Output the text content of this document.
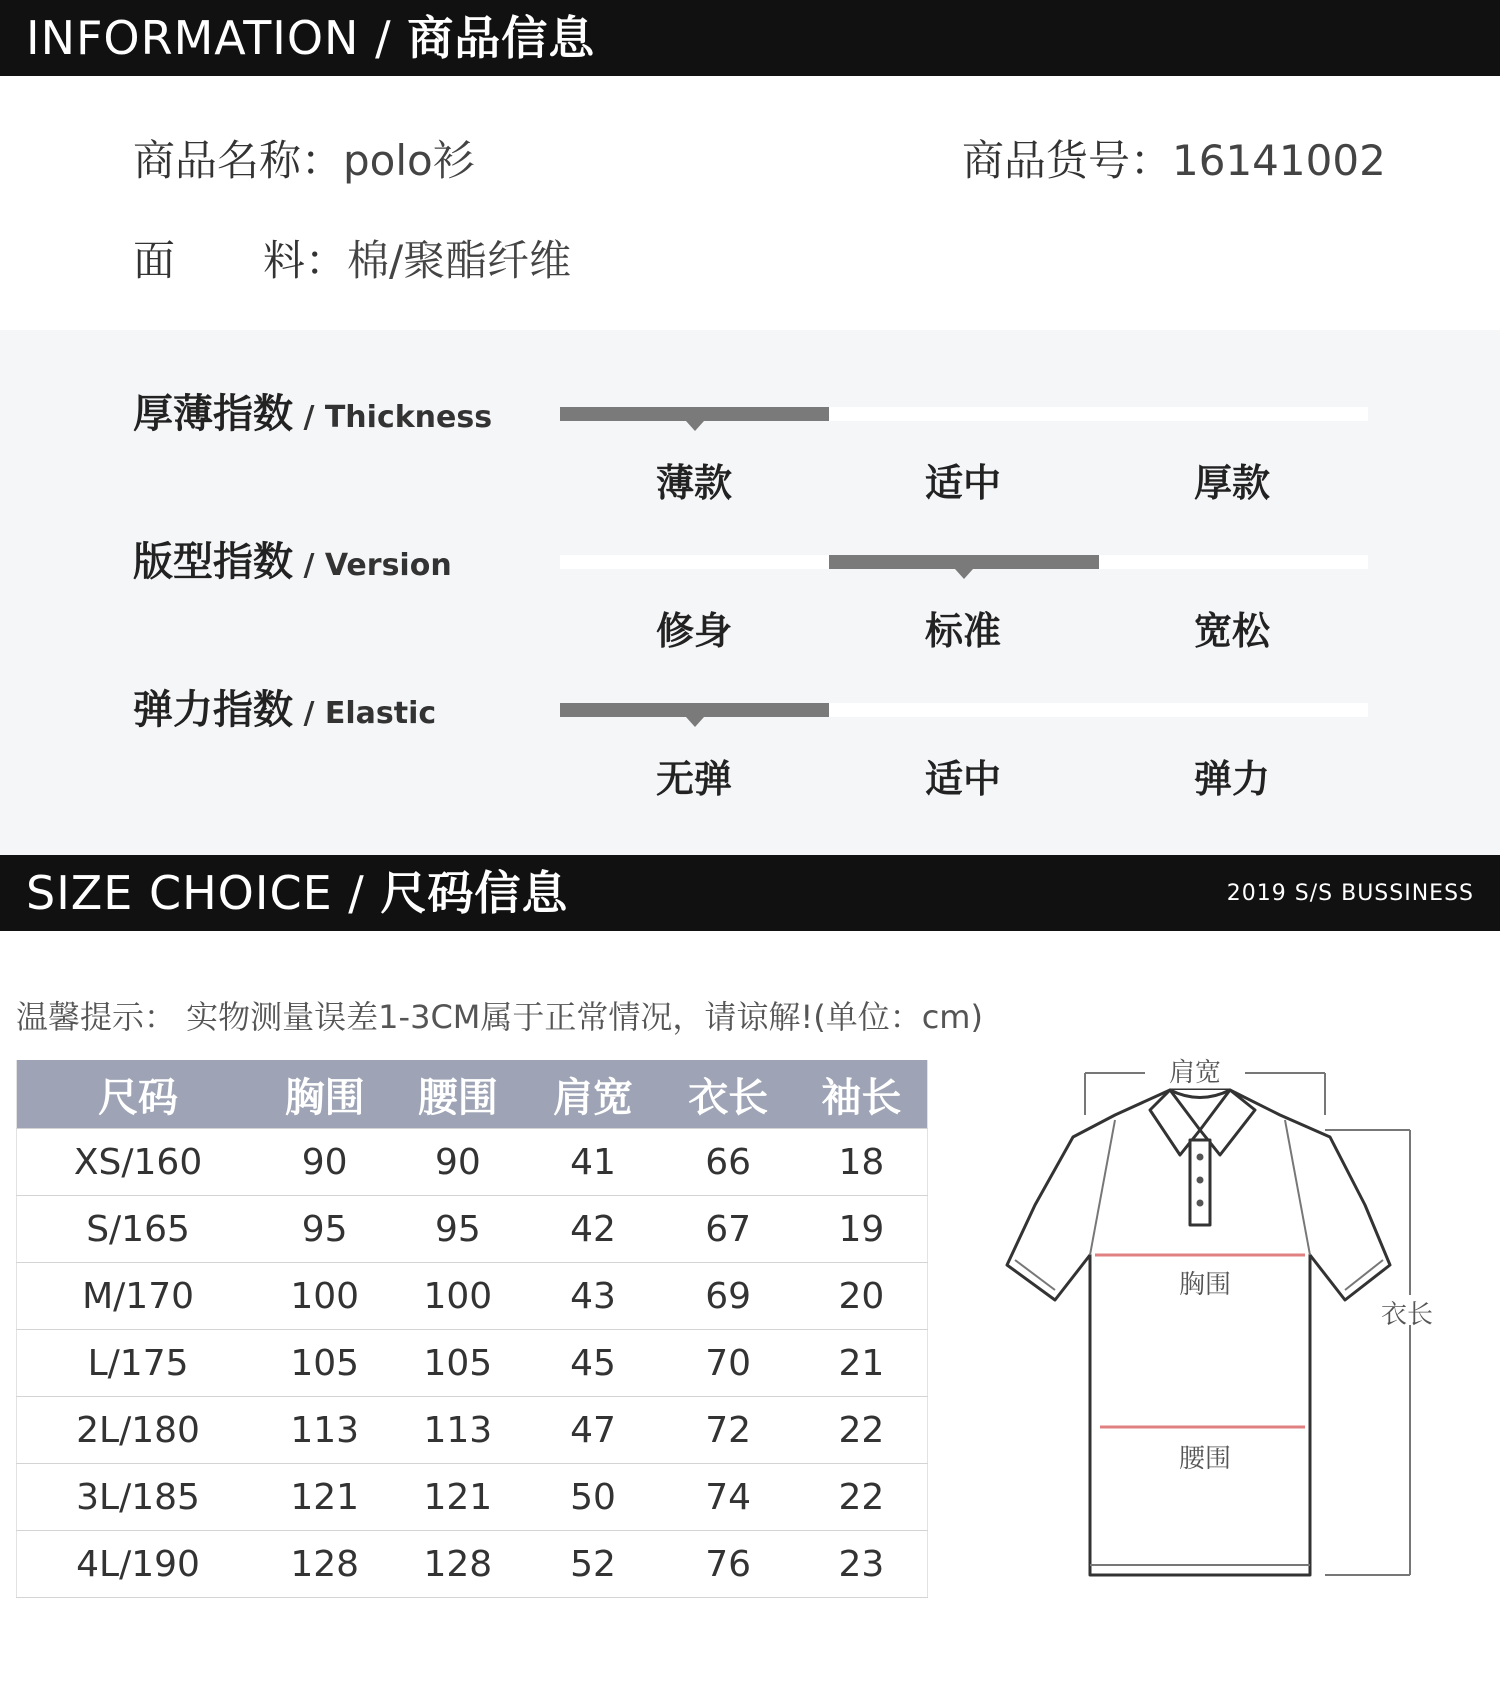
INFORMATION / 商品信息
商品名称：polo衫	商品货号：16141002
面 料：棉/聚酯纤维
厚薄指数 / Thickness
薄款	适中	厚款
版型指数 / Version
修身	标准	宽松
弹力指数 / Elastic
无弹	适中	弹力
SIZE CHOICE / 尺码信息	2019 S/S BUSSINESS
温馨提示： 实物测量误差1-3CM属于正常情况，请谅解!(单位：cm)
尺码	胸围	腰围	肩宽	衣长	袖长
XS/160	90	90	41	66	18
S/165	95	95	42	67	19
M/170	100	100	43	69	20
L/175	105	105	45	70	21
2L/180	113	113	47	72	22
3L/185	121	121	50	74	22
4L/190	128	128	52	76	23
肩宽
衣长
胸围
腰围
